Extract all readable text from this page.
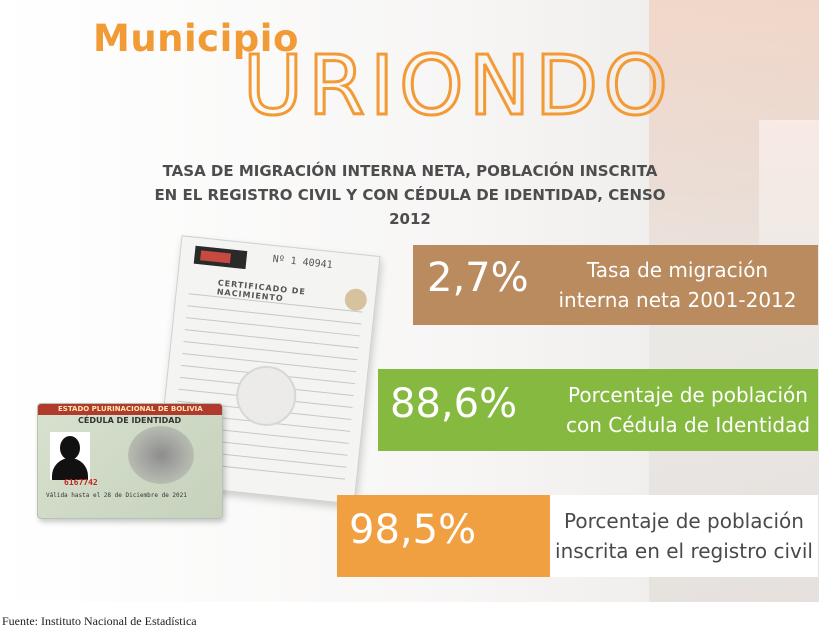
Municipio
URIONDO
TASA DE MIGRACIÓN INTERNA NETA, POBLACIÓN INSCRITA
EN EL REGISTRO CIVIL Y CON CÉDULA DE IDENTIDAD, CENSO 2012
Nº 1 40941
CERTIFICADO DE NACIMIENTO
ESTADO PLURINACIONAL DE BOLIVIA
CÉDULA DE IDENTIDAD
6167742
Válida hasta el 28 de Diciembre de 2021
2,7%	Tasa de migración
interna neta 2001-2012
88,6%	Porcentaje de población
con Cédula de Identidad
98,5%	Porcentaje de población
inscrita en el registro civil
Fuente: Instituto Nacional de Estadística
